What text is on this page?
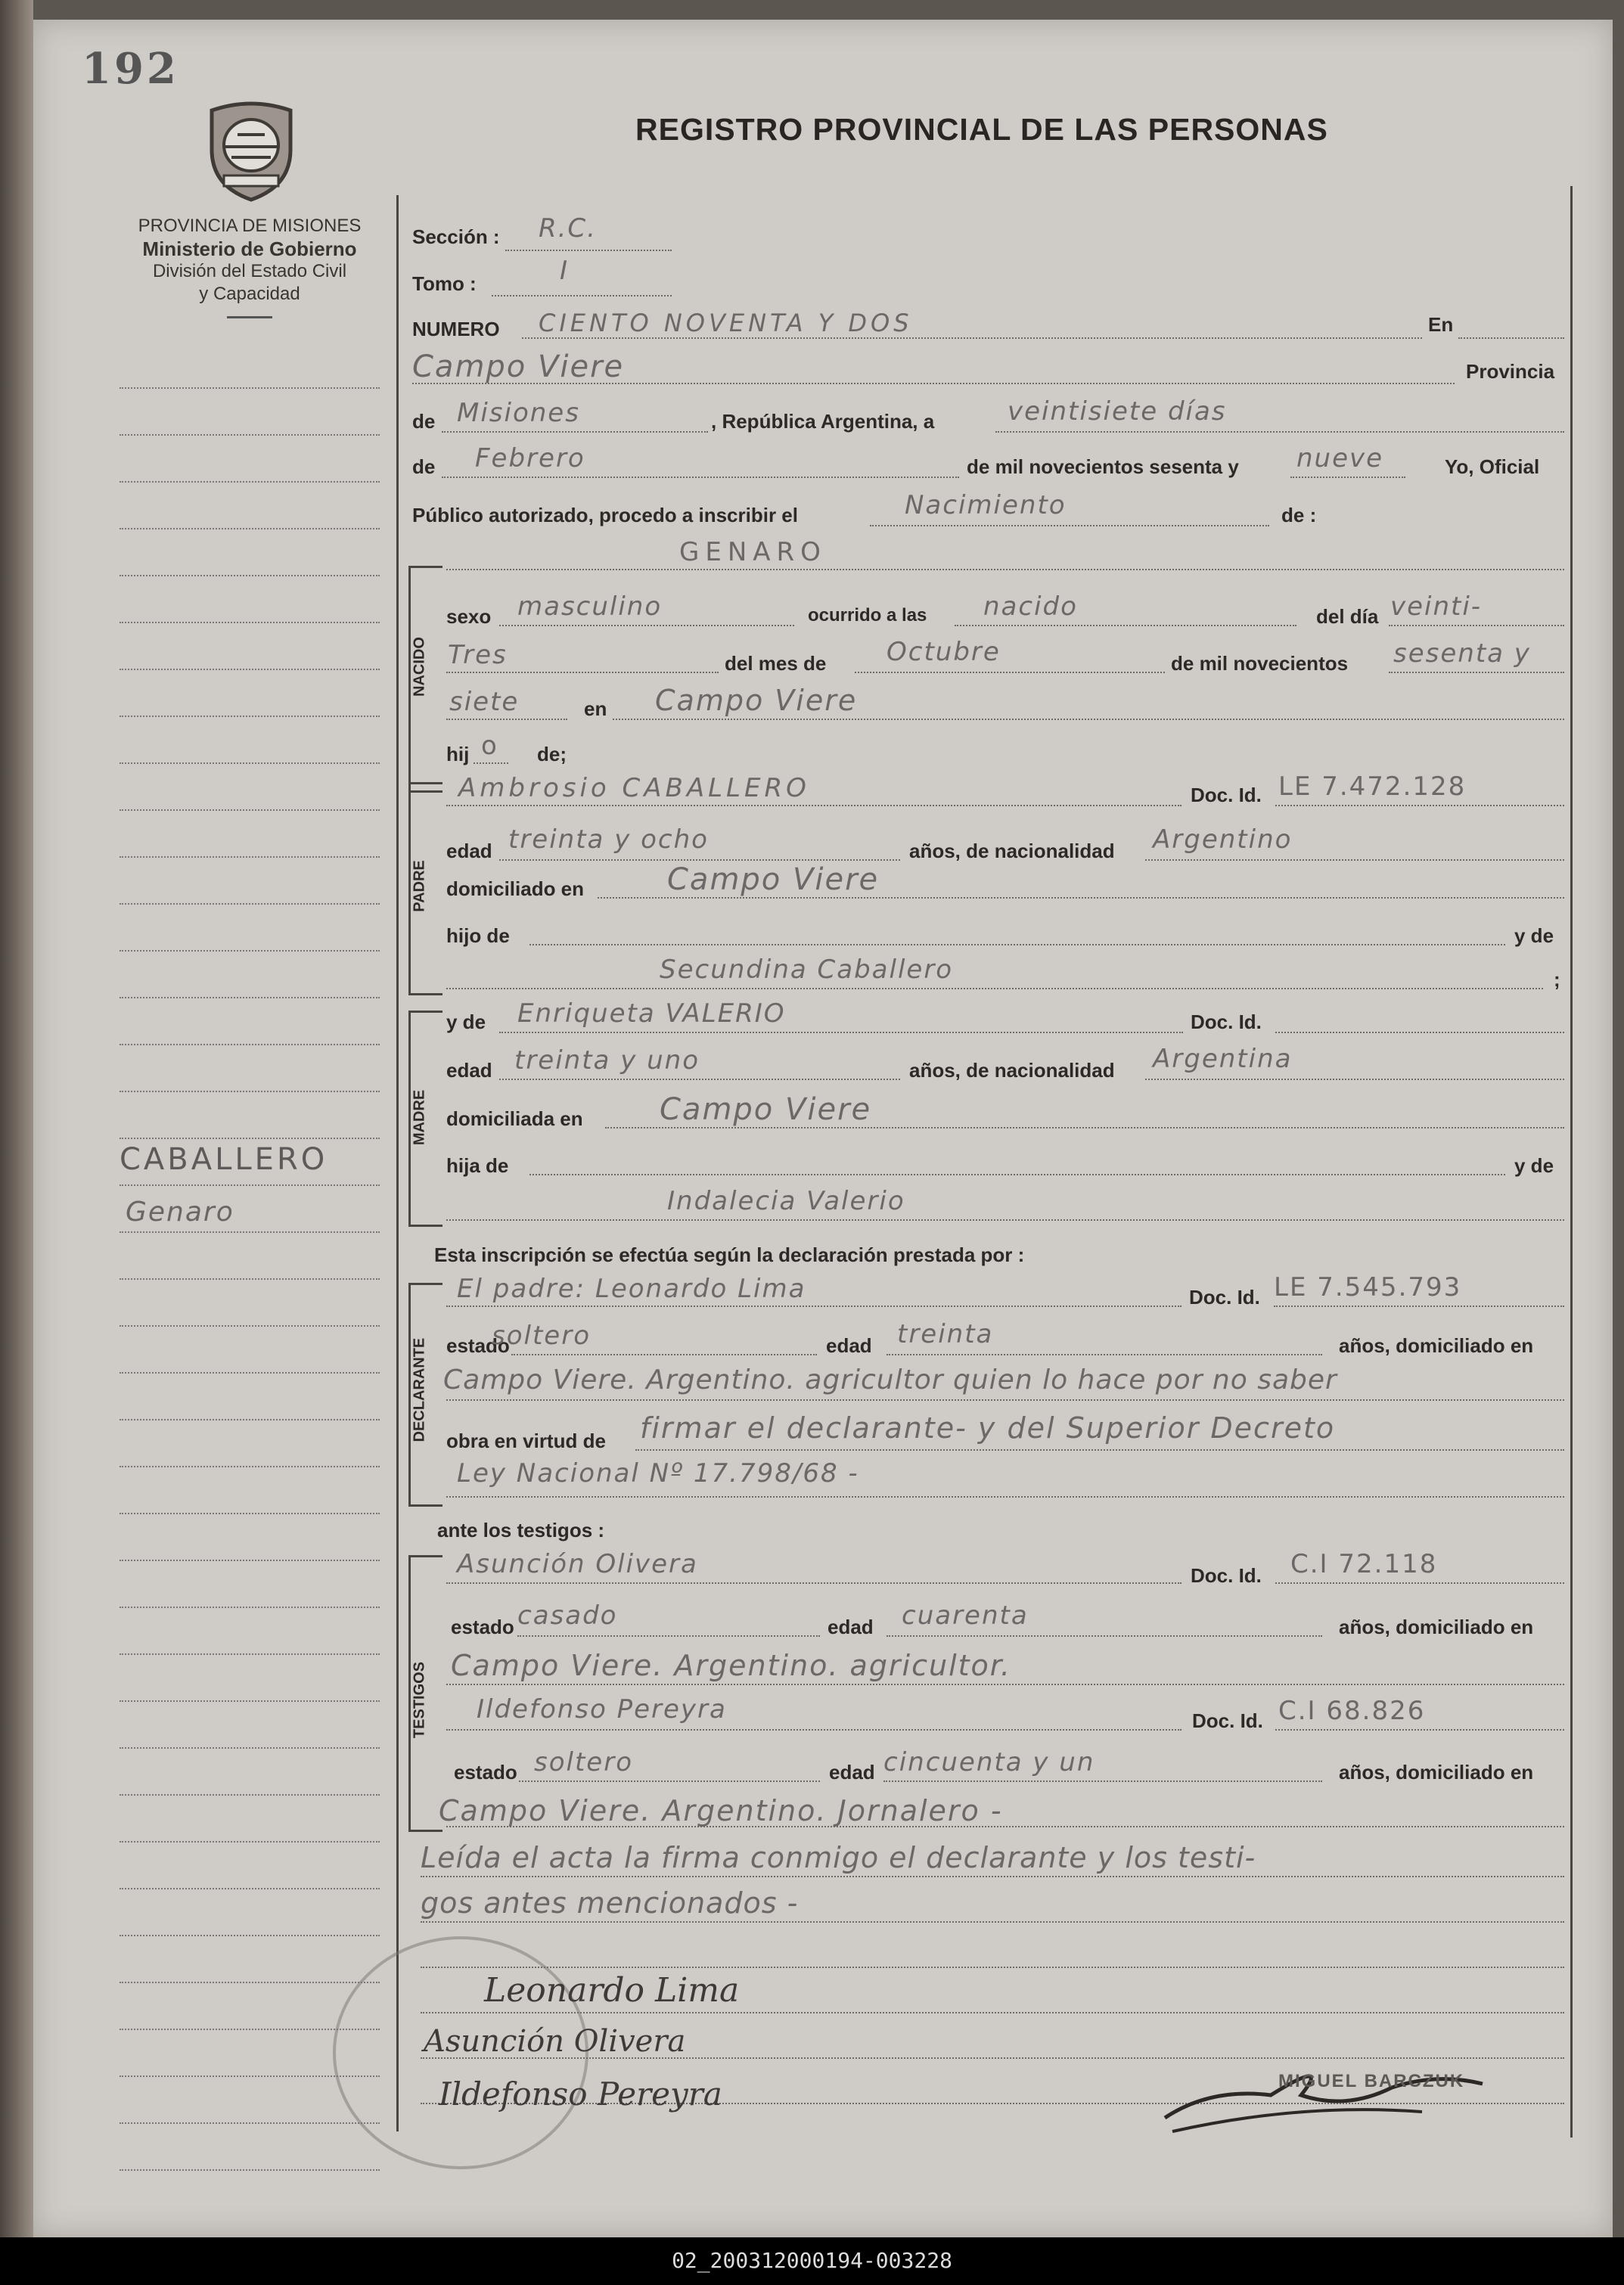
192
PROVINCIA DE MISIONES
Ministerio de Gobierno
División del Estado Civil
y Capacidad
REGISTRO PROVINCIAL DE LAS PERSONAS
CABALLERO
Genaro
Sección : R.C.
Tomo :	I
NUMERO CIENTO NOVENTA Y DOS	En
Campo Viere	Provincia
de Misiones	, República Argentina, a	veintisiete días
de Febrero	de mil novecientos sesenta y nueve	Yo, Oficial
Público autorizado, procedo a inscribir el	Nacimiento	de :
NACIDO
GENARO
sexo masculino	ocurrido a las nacido	del día veinti-
Tres	del mes de Octubre	de mil novecientos sesenta y
siete	en Campo Viere
hij o de;
PADRE
Ambrosio CABALLERO	Doc. Id. LE 7.472.128
edad treinta y ocho	años, de nacionalidad Argentino
domiciliado en	Campo Viere
hijo de	y de
Secundina Caballero	;
MADRE
y de Enriqueta VALERIO	Doc. Id.
edad treinta y uno	años, de nacionalidad Argentina
domiciliada en	Campo Viere
hija de	y de
Indalecia Valerio
Esta inscripción se efectúa según la declaración prestada por :
DECLARANTE
El padre: Leonardo Lima	Doc. Id. LE 7.545.793
estado
soltero	edad treinta	años, domiciliado en
Campo Viere. Argentino. agricultor quien lo hace por no saber
obra en virtud de firmar el declarante- y del Superior Decreto
Ley Nacional Nº 17.798/68 -
ante los testigos :
TESTIGOS
Asunción Olivera	Doc. Id. C.I 72.118
estado casado	edad cuarenta	años, domiciliado en
Campo Viere. Argentino. agricultor.
Ildefonso Pereyra	Doc. Id. C.I 68.826
estado soltero	edad cincuenta y un	años, domiciliado en
Campo Viere. Argentino. Jornalero -
Leída el acta la firma conmigo el declarante y los testi-
gos antes mencionados -
Leonardo Lima
Asunción Olivera
Ildefonso Pereyra	MIGUEL BARCZUK
02_200312000194-003228
